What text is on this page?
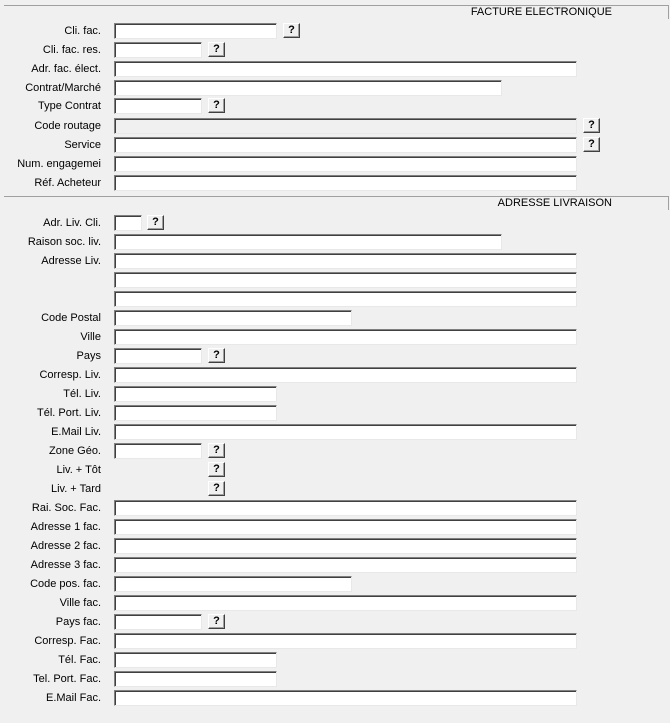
FACTURE ELECTRONIQUE
Cli. fac.	?
Cli. fac. res.	?
Adr. fac. élect.
Contrat/Marché
Type Contrat	?
Code routage	?
Service	?
Num. engagemei
Réf. Acheteur
ADRESSE LIVRAISON
Adr. Liv. Cli.	?
Raison soc. liv.
Adresse Liv.
Code Postal
Ville
Pays	?
Corresp. Liv.
Tél. Liv.
Tél. Port. Liv.
E.Mail Liv.
Zone Géo.	?
Liv. + Tôt	?
Liv. + Tard	?
Rai. Soc. Fac.
Adresse 1 fac.
Adresse 2 fac.
Adresse 3 fac.
Code pos. fac.
Ville fac.
Pays fac.	?
Corresp. Fac.
Tél. Fac.
Tel. Port. Fac.
E.Mail Fac.
